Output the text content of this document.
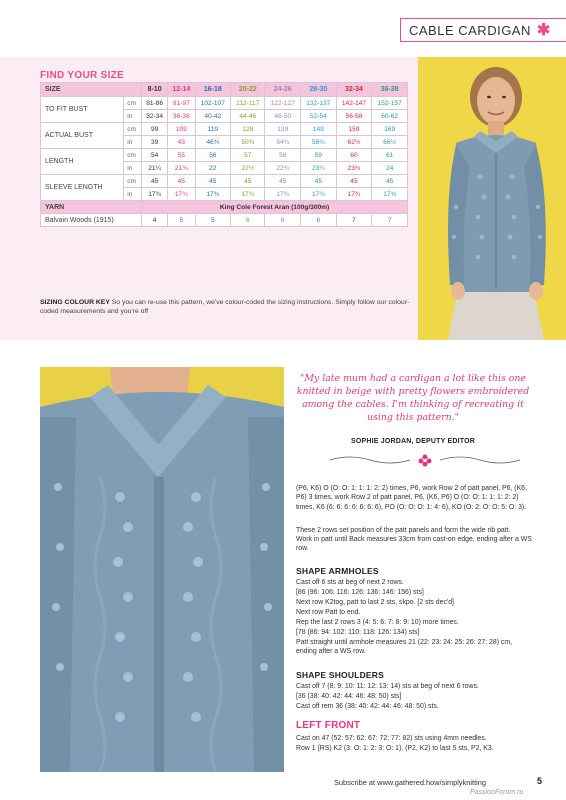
CABLE CARDIGAN ✱
FIND YOUR SIZE
SIZE		8-10	12-14	16-18	20-22	24-26	28-30	32-34	36-38
TO FIT BUST	cm	81-86	91-97	102-107	112-117	122-127	132-137	142-147	152-157
	in	32-34	36-38	40-42	44-46	48-50	52-54	56-58	60-62
ACTUAL BUST	cm	99	109	119	129	139	149	159	169
	in	39	43	46¾	50¾	54¾	58¾	62½	66½
LENGTH	cm	54	55	56	57	58	59	60	61
	in	21¼	21¾	22	22½	22¾	23¼	23¾	24
SLEEVE LENGTH	cm	45	45	45	45	45	45	45	45
	in	17¾	17¾	17¾	17¾	17¾	17¾	17¾	17¾
YARN		King Cole Forest Aran (100g/300m)							
Balvain Woods (1915)		4	5	5	6	6	6	7	7
SIZING COLOUR KEY So you can re-use this pattern, we've colour-coded the sizing instructions. Simply follow our colour-coded measurements and you're off
"My late mum had a cardigan a lot like this one knitted in beige with pretty flowers embroidered among the cables. I'm thinking of recreating it using this pattern."
SOPHIE JORDAN, DEPUTY EDITOR
(P6, K6) O (O: O: 1: 1: 1: 2: 2) times, P6, work Row 2 of patt panel, P6, (K6, P6) 3 times, work Row 2 of patt panel, P6, (K6, P6) O (O: O: 1: 1: 1: 2: 2) times, K6 (6: 6: 6: 6: 6: 6: 6), PO (O: O: O: 1: 4: 6), KO (O: 2: O: O: 5: O: 3).
These 2 rows set position of the patt panels and form the wide rib patt.
Work in patt until Back measures 33cm from cast-on edge, ending after a WS row.
SHAPE ARMHOLES
Cast off 6 sts at beg of next 2 rows.
[86 (96: 106: 116: 126: 136: 146: 156) sts]
Next row K2tog, patt to last 2 sts, skpo. [2 sts dec'd]
Next row Patt to end.
Rep the last 2 rows 3 (4: 5: 6: 7: 8: 9: 10) more times.
[78 (86: 94: 102: 110: 118: 126: 134) sts]
Patt straight until armhole measures 21 (22: 23: 24: 25: 26: 27: 28) cm, ending after a WS row.
SHAPE SHOULDERS
Cast off 7 (8: 9: 10: 11: 12: 13: 14) sts at beg of next 6 rows.
[36 (38: 40: 42: 44: 46: 48: 50) sts]
Cast off rem 36 (38: 40: 42: 44: 46: 48: 50) sts.
LEFT FRONT
Cast on 47 (52: 57: 62: 67: 72: 77: 82) sts using 4mm needles.
Row 1 (RS) K2 (3: O: 1: 2: 3: O: 1), (P2, K2) to last 5 sts, P2, K3.
Subscribe at www.gathered.how/simplyknitting	5
PassionForum.ru
